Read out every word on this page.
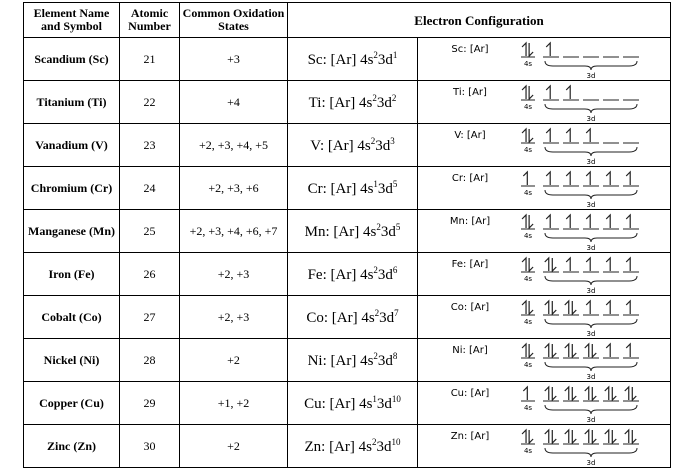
Element Name and Symbol	Atomic Number	Common Oxidation States	Electron Configuration	
Scandium (Sc)	21	+3	Sc: [Ar] $4s^23d^1$	Sc: [Ar]
4s
3d

Titanium (Ti)	22	+4	Ti: [Ar] $4s^23d^2$	Ti: [Ar]
4s
3d

Vanadium (V)	23	+2, +3, +4, +5	V: [Ar] $4s^23d^3$	V: [Ar]
4s
3d

Chromium (Cr)	24	+2, +3, +6	Cr: [Ar] $4s^13d^5$	Cr: [Ar]
4s
3d

Manganese (Mn)	25	+2, +3, +4, +6, +7	Mn: [Ar] $4s^23d^5$	Mn: [Ar]
4s
3d

Iron (Fe)	26	+2, +3	Fe: [Ar] $4s^23d^6$	Fe: [Ar]
4s
3d

Cobalt (Co)	27	+2, +3	Co: [Ar] $4s^23d^7$	Co: [Ar]
4s
3d

Nickel (Ni)	28	+2	Ni: [Ar] $4s^23d^8$	Ni: [Ar]
4s
3d

Copper (Cu)	29	+1, +2	Cu: [Ar] $4s^13d^{10}$	Cu: [Ar]
4s
3d

Zinc (Zn)	30	+2	Zn: [Ar] $4s^23d^{10}$	Zn: [Ar]
4s
3d
